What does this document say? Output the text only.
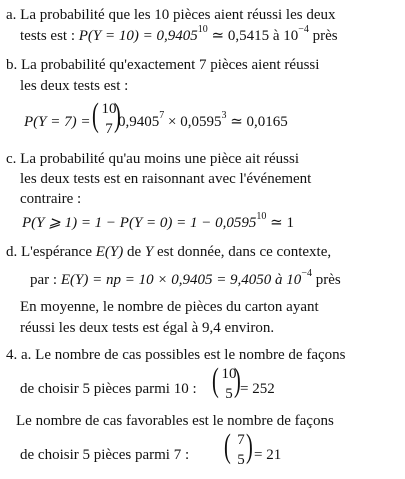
a. La probabilité que les 10 pièces aient réussi les deux
tests est : $P(Y = 10) = 0,9405^{10}$ ≃ 0,5415 à $10^{-4}$ près
b. La probabilité qu'exactement 7 pièces aient réussi
les deux tests est :
P(Y = 7) = ( 10
7 )
$0,9405^7 \times 0,0595^3$ ≃ 0,0165
c. La probabilité qu'au moins une pièce ait réussi
les deux tests est en raisonnant avec l'événement
contraire :
P(Y ⩾ $1) = 1 - P(Y = 0) = 1 - 0,0595^{10}$ ≃ 1
d. L'espérance E(Y) de Y est donnée, dans ce contexte,
par : E(Y) = np = 10 × 0,9405 = 9,4050 à $10^{-4}$ près
En moyenne, le nombre de pièces du carton ayant
réussi les deux tests est égal à 9,4 environ.
4. a. Le nombre de cas possibles est le nombre de façons
de choisir 5 pièces parmi 10 : ( 10
5 ) = 252
Le nombre de cas favorables est le nombre de façons
de choisir 5 pièces parmi 7 : ( 7
5 ) = 21
